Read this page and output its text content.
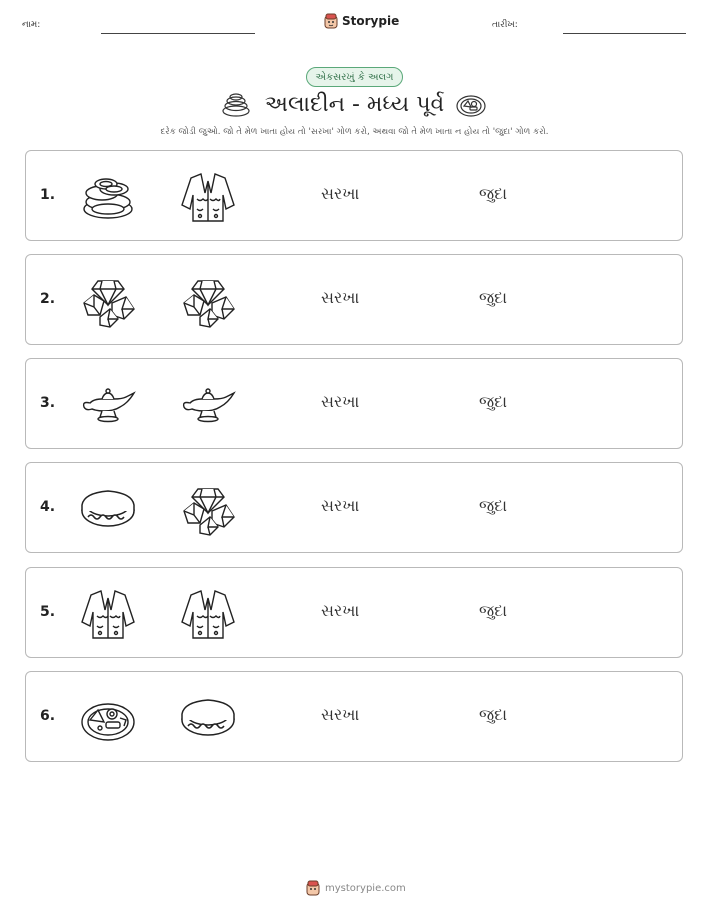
નામ:	Storypie	તારીખ:
એકસરખું કે અલગ
અલાદીન - મધ્ય પૂર્વ
દરેક જોડી જુઓ. જો તે મેળ ખાતા હોય તો 'સરખા' ગોળ કરો, અથવા જો તે મેળ ખાતા ન હોય તો 'જુદા' ગોળ કરો.
1.	સરખા	જુદા
2.	સરખા	જુદા
3.	સરખા	જુદા
4.	સરખા	જુદા
5.	સરખા	જુદા
6.	સરખા	જુદા
mystorypie.com
